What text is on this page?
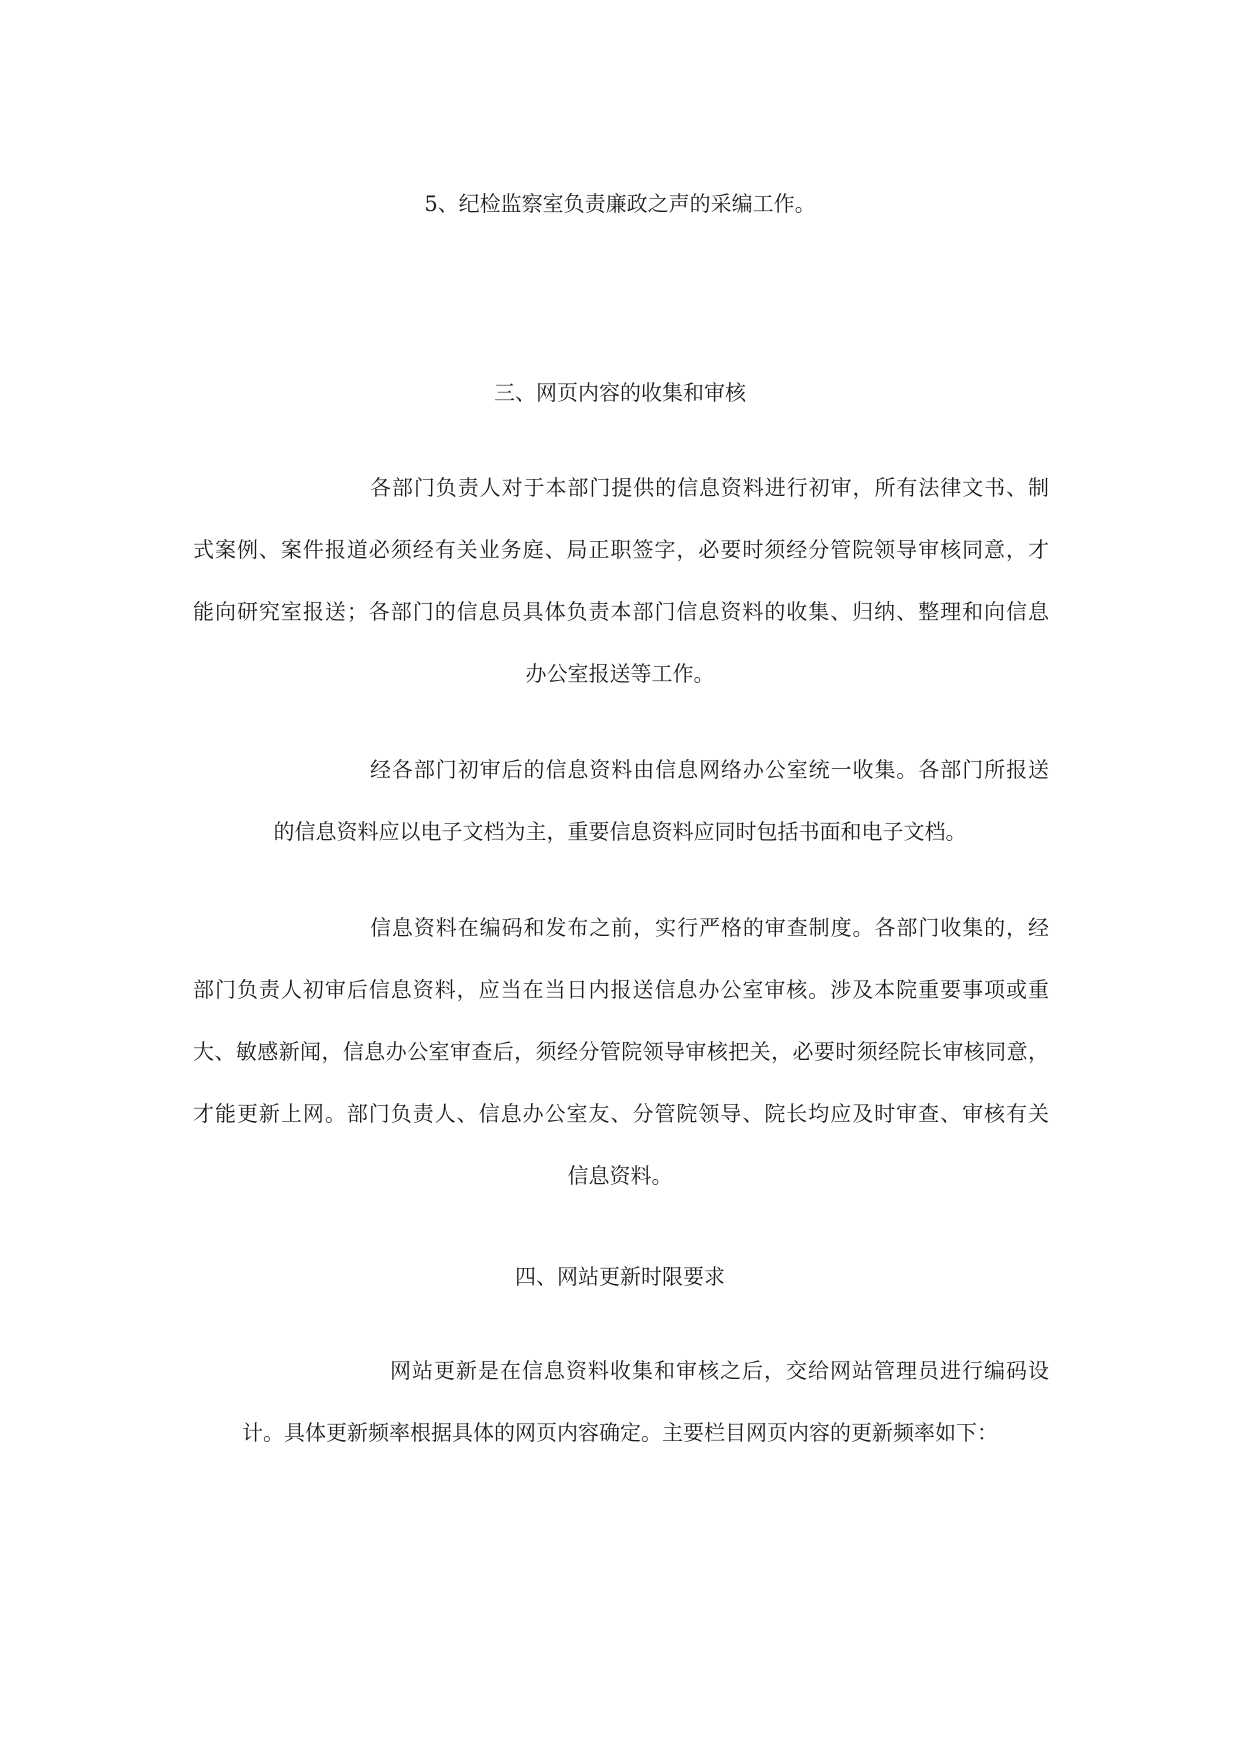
5、纪检监察室负责廉政之声的采编工作。
三、网页内容的收集和审核
各部门负责人对于本部门提供的信息资料进行初审，所有法律文书、制
式案例、案件报道必须经有关业务庭、局正职签字，必要时须经分管院领导审核同意，才
能向研究室报送；各部门的信息员具体负责本部门信息资料的收集、归纳、整理和向信息
办公室报送等工作。
经各部门初审后的信息资料由信息网络办公室统一收集。各部门所报送
的信息资料应以电子文档为主，重要信息资料应同时包括书面和电子文档。
信息资料在编码和发布之前，实行严格的审查制度。各部门收集的，经
部门负责人初审后信息资料，应当在当日内报送信息办公室审核。涉及本院重要事项或重
大、敏感新闻，信息办公室审查后，须经分管院领导审核把关，必要时须经院长审核同意，
才能更新上网。部门负责人、信息办公室友、分管院领导、院长均应及时审查、审核有关
信息资料。
四、网站更新时限要求
网站更新是在信息资料收集和审核之后，交给网站管理员进行编码设
计。具体更新频率根据具体的网页内容确定。主要栏目网页内容的更新频率如下：
